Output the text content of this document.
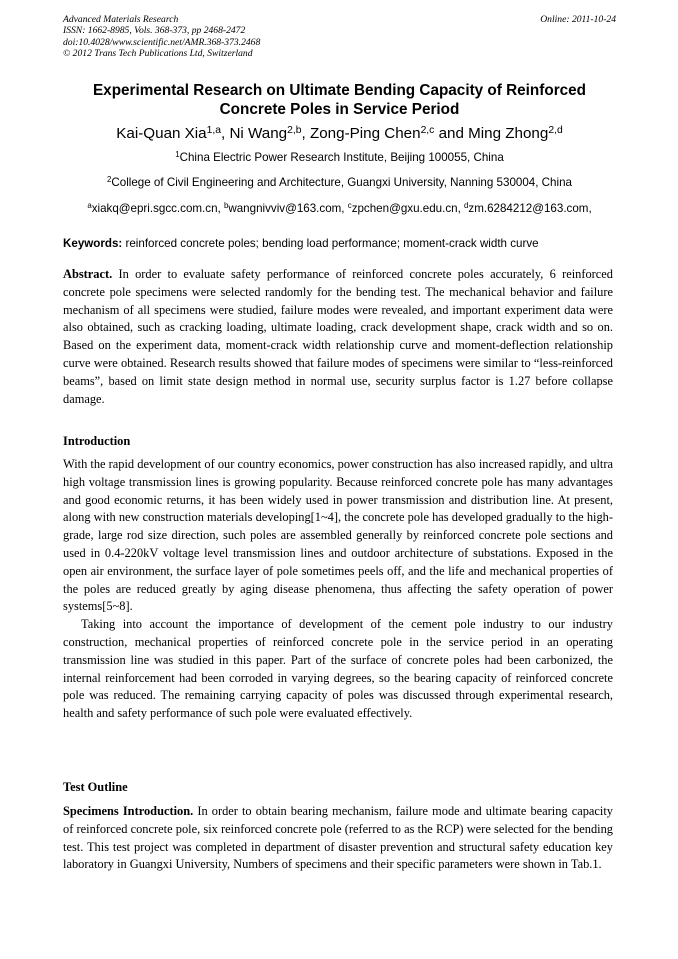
Advanced Materials Research
ISSN: 1662-8985, Vols. 368-373, pp 2468-2472
doi:10.4028/www.scientific.net/AMR.368-373.2468
© 2012 Trans Tech Publications Ltd, Switzerland
Online: 2011-10-24
Experimental Research on Ultimate Bending Capacity of Reinforced
Concrete Poles in Service Period
Kai-Quan Xia$^{1,a}$, Ni Wang$^{2,b}$, Zong-Ping Chen$^{2,c}$ and Ming Zhong$^{2,d}$
$^1$China Electric Power Research Institute, Beijing 100055, China
$^2$College of Civil Engineering and Architecture, Guangxi University, Nanning 530004, China
$^a$xiakq@epri.sgcc.com.cn, $^b$wangnivviv@163.com, $^c$zpchen@gxu.edu.cn, $^d$zm.6284212@163.com,
Keywords: reinforced concrete poles; bending load performance; moment-crack width curve

Abstract. In order to evaluate safety performance of reinforced concrete poles accurately, 6 reinforced concrete pole specimens were selected randomly for the bending test. The mechanical behavior and failure mechanism of all specimens were studied, failure modes were revealed, and important experiment data were also obtained, such as cracking loading, ultimate loading, crack development shape, crack width and so on. Based on the experiment data, moment-crack width relationship curve and moment-deflection relationship curve were obtained. Research results showed that failure modes of specimens were similar to “less-reinforced beams”, based on limit state design method in normal use, security surplus factor is 1.27 before collapse damage.

Introduction

With the rapid development of our country economics, power construction has also increased rapidly, and ultra high voltage transmission lines is growing popularity. Because reinforced concrete pole has many advantages and good economic returns, it has been widely used in power transmission and distribution line. At present, along with new construction materials developing[1~4], the concrete pole has developed gradually to the high-grade, large rod size direction, such poles are assembled generally by reinforced concrete pole sections and used in 0.4-220kV voltage level transmission lines and outdoor architecture of substations. Exposed in the open air environment, the surface layer of pole sometimes peels off, and the life and mechanical properties of the poles are reduced greatly by aging disease phenomena, thus affecting the safety operation of power systems[5~8].

Taking into account the importance of development of the cement pole industry to our industry construction, mechanical properties of reinforced concrete pole in the service period in an operating transmission line was studied in this paper. Part of the surface of concrete poles had been carbonized, the internal reinforcement had been corroded in varying degrees, so the bearing capacity of reinforced concrete pole was reduced. The remaining carrying capacity of poles was discussed through experimental research, health and safety performance of such pole were evaluated effectively.

Test Outline

Specimens Introduction. In order to obtain bearing mechanism, failure mode and ultimate bearing capacity of reinforced concrete pole, six reinforced concrete pole (referred to as the RCP) were selected for the bending test. This test project was completed in department of disaster prevention and structural safety education key laboratory in Guangxi University, Numbers of specimens and their specific parameters were shown in Tab.1.
